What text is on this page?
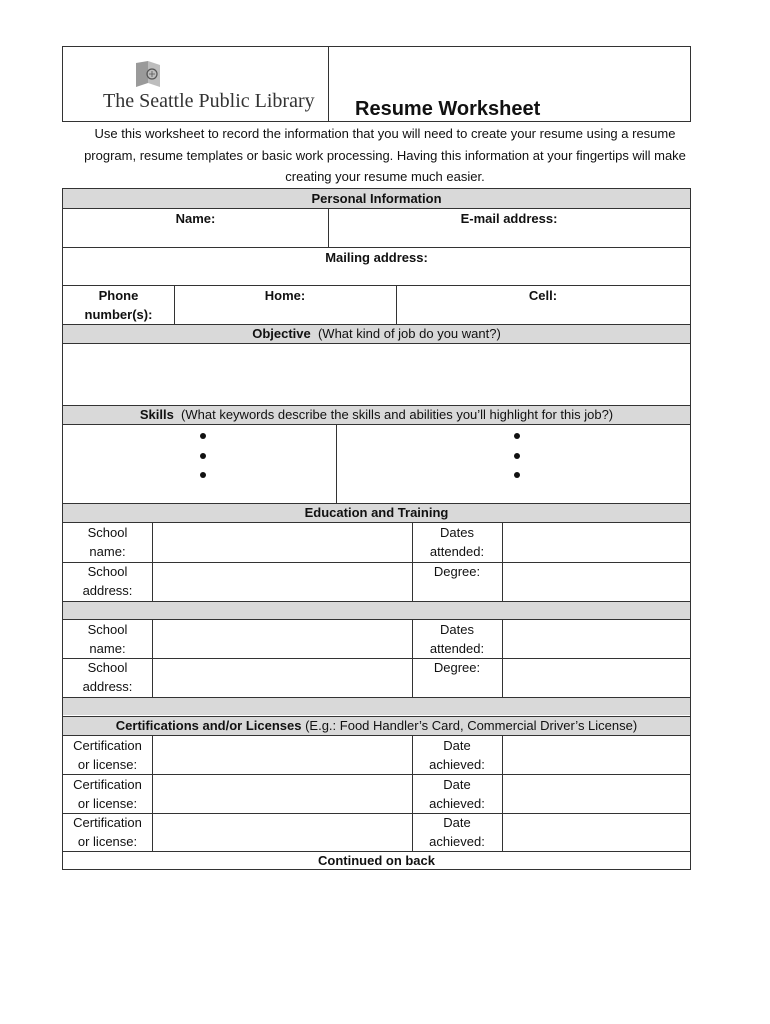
The Seattle Public Library Resume Worksheet
Use this worksheet to record the information that you will need to create your resume using a resume
program, resume templates or basic work processing. Having this information at your fingertips will make
creating your resume much easier.
Personal Information
Name:	E-mail address:
Mailing address:
Phone
number(s):
Home:	Cell:
Objective (What kind of job do you want?)
Skills (What keywords describe the skills and abilities you’ll highlight for this job?)
Education and Training
School
name:
Dates
attended:
School
address:
Degree:
School
name:
Dates
attended:
School
address:
Degree:
Certifications and/or Licenses (E.g.: Food Handler’s Card, Commercial Driver’s License)
Certification
or license:
Date
achieved:
Certification
or license:
Date
achieved:
Certification
or license:
Date
achieved:
Continued on back
